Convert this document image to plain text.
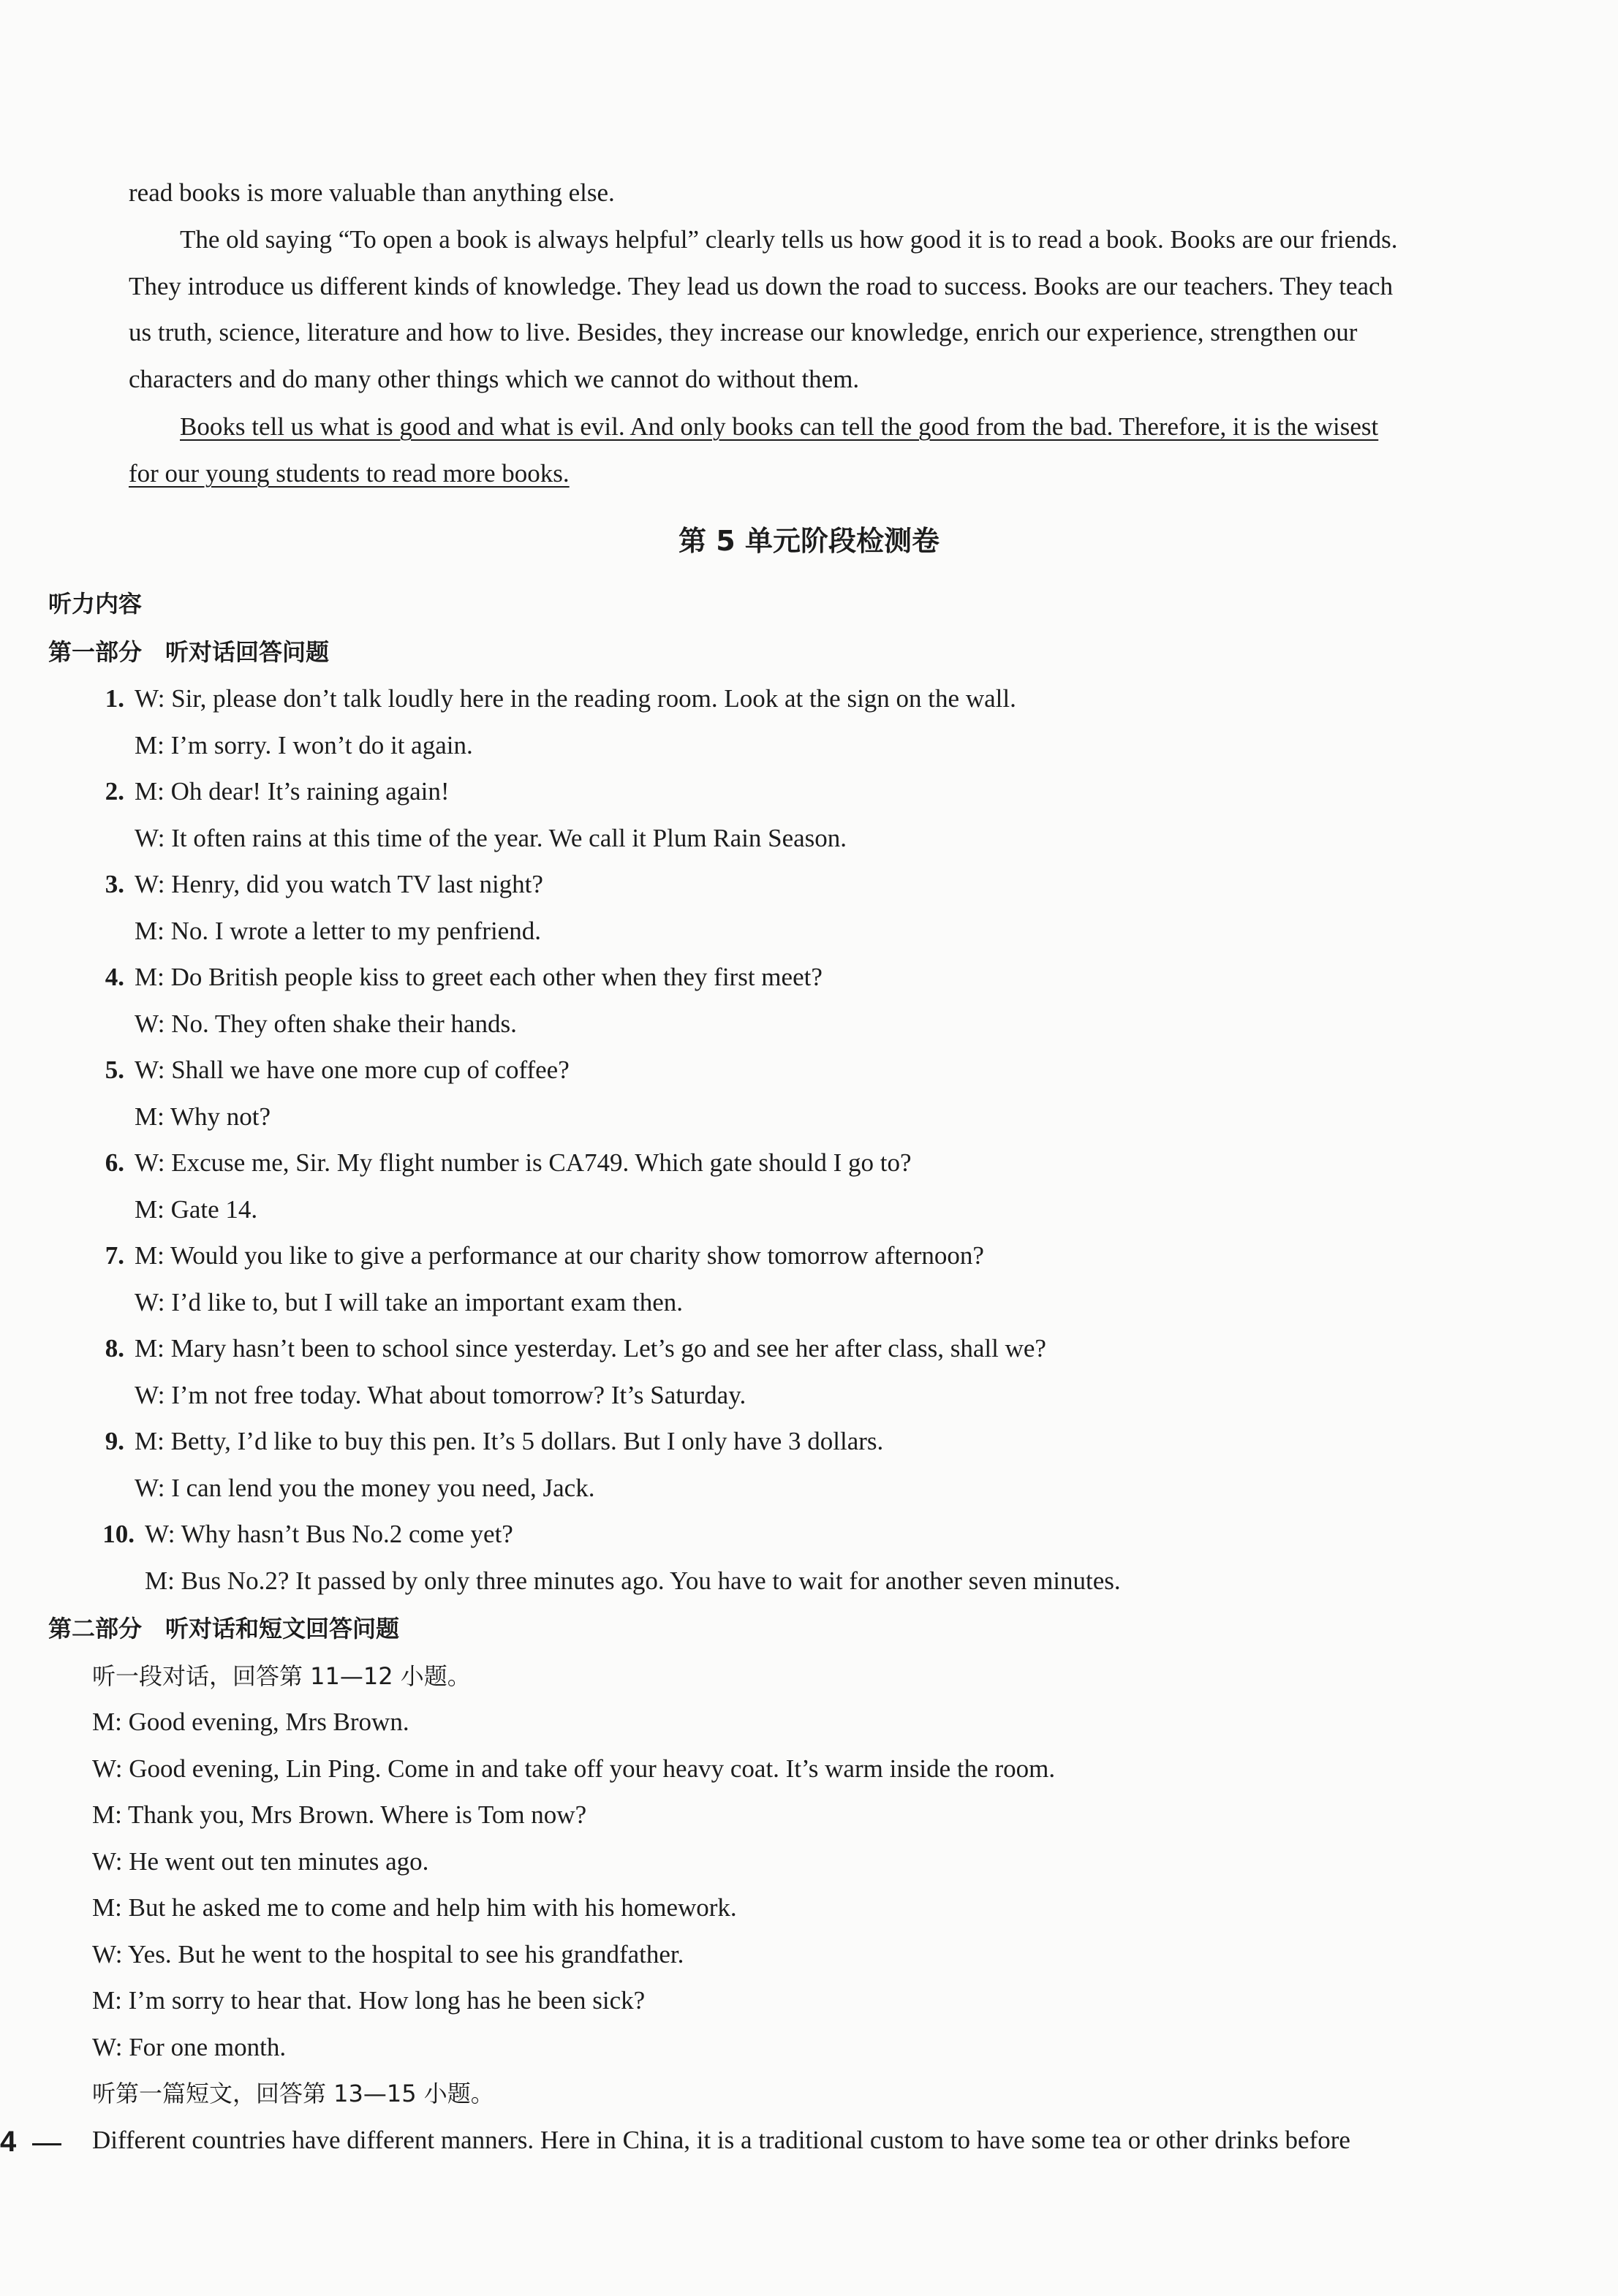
read books is more valuable than anything else.
The old saying “To open a book is always helpful” clearly tells us how good it is to read a book. Books are our friends.
They introduce us different kinds of knowledge. They lead us down the road to success. Books are our teachers. They teach
us truth, science, literature and how to live. Besides, they increase our knowledge, enrich our experience, strengthen our
characters and do many other things which we cannot do without them.
Books tell us what is good and what is evil. And only books can tell the good from the bad. Therefore, it is the wisest
for our young students to read more books.
第 5 单元阶段检测卷
听力内容
第一部分　听对话回答问题
1. W: Sir, please don’t talk loudly here in the reading room. Look at the sign on the wall.
M: I’m sorry. I won’t do it again.
2. M: Oh dear! It’s raining again!
W: It often rains at this time of the year. We call it Plum Rain Season.
3. W: Henry, did you watch TV last night?
M: No. I wrote a letter to my penfriend.
4. M: Do British people kiss to greet each other when they first meet?
W: No. They often shake their hands.
5. W: Shall we have one more cup of coffee?
M: Why not?
6. W: Excuse me, Sir. My flight number is CA749. Which gate should I go to?
M: Gate 14.
7. M: Would you like to give a performance at our charity show tomorrow afternoon?
W: I’d like to, but I will take an important exam then.
8. M: Mary hasn’t been to school since yesterday. Let’s go and see her after class, shall we?
W: I’m not free today. What about tomorrow? It’s Saturday.
9. M: Betty, I’d like to buy this pen. It’s 5 dollars. But I only have 3 dollars.
W: I can lend you the money you need, Jack.
10. W: Why hasn’t Bus No.2 come yet?
M: Bus No.2? It passed by only three minutes ago. You have to wait for another seven minutes.
第二部分　听对话和短文回答问题
听一段对话，回答第 11—12 小题。
M: Good evening, Mrs Brown.
W: Good evening, Lin Ping. Come in and take off your heavy coat. It’s warm inside the room.
M: Thank you, Mrs Brown. Where is Tom now?
W: He went out ten minutes ago.
M: But he asked me to come and help him with his homework.
W: Yes. But he went to the hospital to see his grandfather.
M: I’m sorry to hear that. How long has he been sick?
W: For one month.
听第一篇短文，回答第 13—15 小题。
Different countries have different manners. Here in China, it is a traditional custom to have some tea or other drinks before
4
